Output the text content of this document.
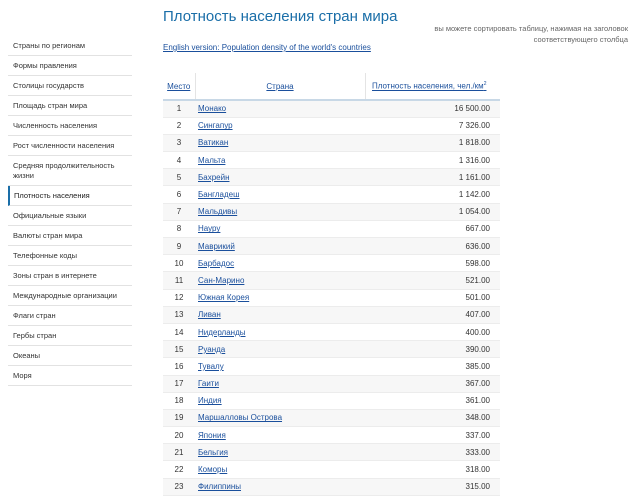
Плотность населения стран мира
вы можете сортировать таблицу, нажимая на заголовок соответствующего столбца
English version: Population density of the world's countries
Страны по регионам
Формы правления
Столицы государств
Площадь стран мира
Численность населения
Рост численности населения
Средняя продолжительность жизни
Плотность населения
Официальные языки
Валюты стран мира
Телефонные коды
Зоны стран в интернете
Международные организации
Флаги стран
Гербы стран
Океаны
Моря
Место	Страна	Плотность населения, $чел./км^2$
1	Монако	16 500.00
2	Сингапур	7 326.00
3	Ватикан	1 818.00
4	Мальта	1 316.00
5	Бахрейн	1 161.00
6	Бангладеш	1 142.00
7	Мальдивы	1 054.00
8	Науру	667.00
9	Маврикий	636.00
10	Барбадос	598.00
11	Сан-Марино	521.00
12	Южная Корея	501.00
13	Ливан	407.00
14	Нидерланды	400.00
15	Руанда	390.00
16	Тувалу	385.00
17	Гаити	367.00
18	Индия	361.00
19	Маршалловы Острова	348.00
20	Япония	337.00
21	Бельгия	333.00
22	Коморы	318.00
23	Филиппины	315.00
